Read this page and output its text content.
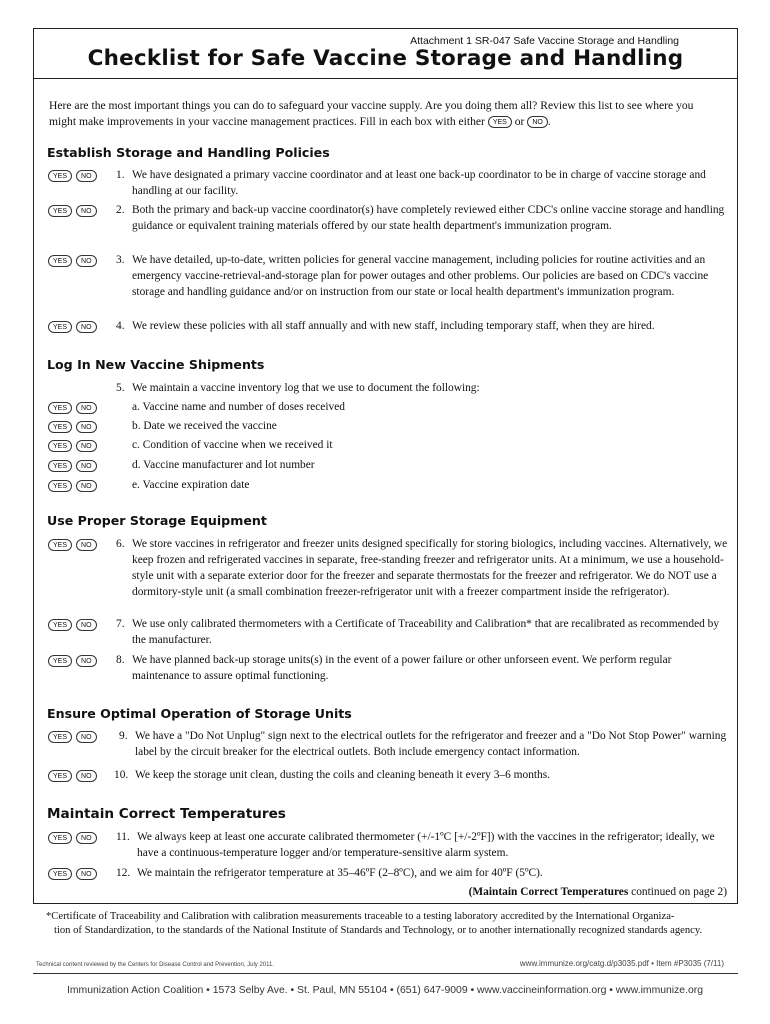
Attachment 1 SR-047 Safe Vaccine Storage and Handling
Checklist for Safe Vaccine Storage and Handling
Here are the most important things you can do to safeguard your vaccine supply. Are you doing them all? Review this list to see where you might make improvements in your vaccine management practices. Fill in each box with either YES or NO .
Establish Storage and Handling Policies
YES NO	1. We have designated a primary vaccine coordinator and at least one back-up coordinator to be in charge of vaccine storage and handling at our facility.
YES NO	2. Both the primary and back-up vaccine coordinator(s) have completely reviewed either CDC's online vaccine storage and handling guidance or equivalent training materials offered by our state health department's immunization program.
YES NO	3. We have detailed, up-to-date, written policies for general vaccine management, including policies for routine activities and an emergency vaccine-retrieval-and-storage plan for power outages and other problems. Our policies are based on CDC's vaccine storage and handling guidance and/or on instruction from our state or local health department's immunization program.
YES NO	4. We review these policies with all staff annually and with new staff, including temporary staff, when they are hired.
Log In New Vaccine Shipments
5. We maintain a vaccine inventory log that we use to document the following:
YES NO	a. Vaccine name and number of doses received
YES NO	b. Date we received the vaccine
YES NO	c. Condition of vaccine when we received it
YES NO	d. Vaccine manufacturer and lot number
YES NO	e. Vaccine expiration date
Use Proper Storage Equipment
YES NO	6. We store vaccines in refrigerator and freezer units designed specifically for storing biologics, including vaccines. Alternatively, we keep frozen and refrigerated vaccines in separate, free-standing freezer and refrigerator units. At a minimum, we use a household-style unit with a separate exterior door for the freezer and separate thermostats for the freezer and refrigerator. We do NOT use a dormitory-style unit (a small combination freezer-refrigerator unit with a freezer compartment inside the refrigerator).
YES NO	7. We use only calibrated thermometers with a Certificate of Traceability and Calibration* that are recalibrated as recommended by the manufacturer.
YES NO	8. We have planned back-up storage units(s) in the event of a power failure or other unforseen event. We perform regular maintenance to assure optimal functioning.
Ensure Optimal Operation of Storage Units
YES NO	9. We have a "Do Not Unplug" sign next to the electrical outlets for the refrigerator and freezer and a "Do Not Stop Power" warning label by the circuit breaker for the electrical outlets. Both include emergency contact information.
YES NO	10. We keep the storage unit clean, dusting the coils and cleaning beneath it every 3–6 months.
Maintain Correct Temperatures
YES NO	11. We always keep at least one accurate calibrated thermometer (+/-1ºC [+/-2ºF]) with the vaccines in the refrigerator; ideally, we have a continuous-temperature logger and/or temperature-sensitive alarm system.
YES NO	12. We maintain the refrigerator temperature at 35–46ºF (2–8ºC), and we aim for 40ºF (5ºC).
(Maintain Correct Temperatures continued on page 2)
*Certificate of Traceability and Calibration with calibration measurements traceable to a testing laboratory accredited by the International Organiza-
tion of Standardization, to the standards of the National Institute of Standards and Technology, or to another internationally recognized standards agency.
Technical content reviewed by the Centers for Disease Control and Prevention, July 2011.	www.immunize.org/catg.d/p3035.pdf • Item #P3035 (7/11)
Immunization Action Coalition • 1573 Selby Ave. • St. Paul, MN 55104 • (651) 647-9009 • www.vaccineinformation.org • www.immunize.org
